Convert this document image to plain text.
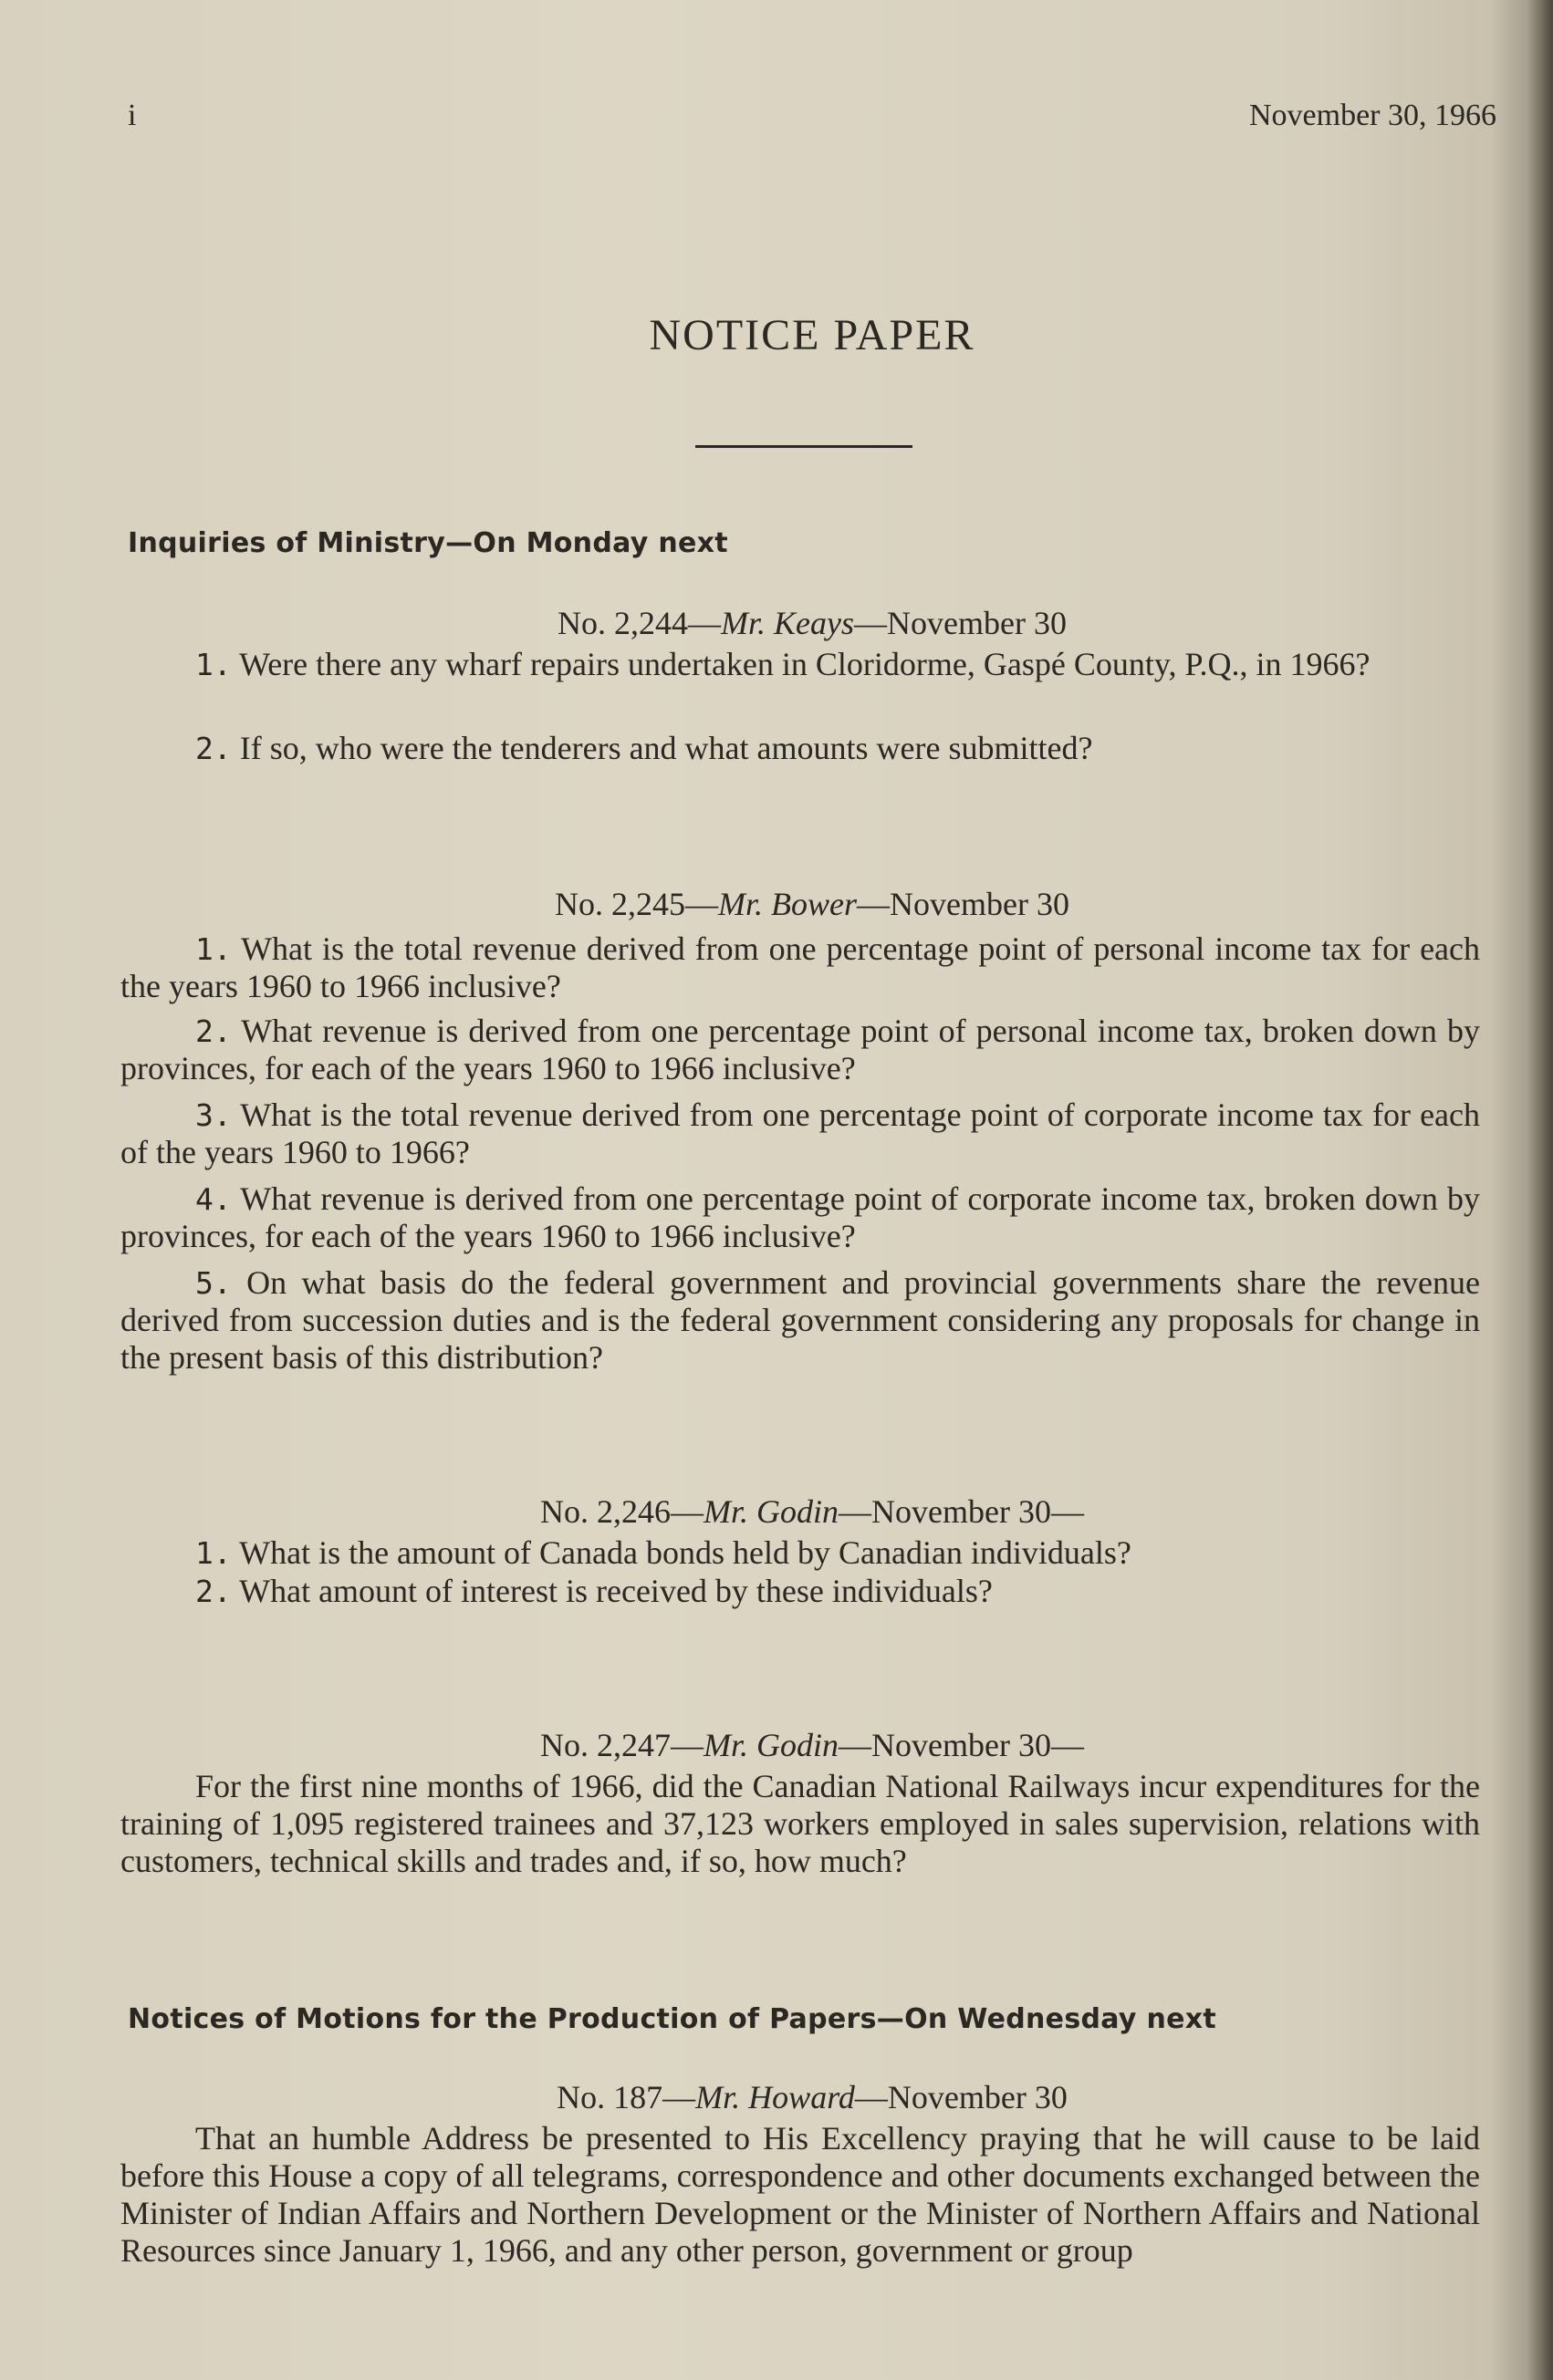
i	November 30, 1966
NOTICE PAPER
Inquiries of Ministry—On Monday next
No. 2,244—Mr. Keays—November 30
1. Were there any wharf repairs undertaken in Cloridorme, Gaspé County, P.Q., in 1966?
2. If so, who were the tenderers and what amounts were submitted?
No. 2,245—Mr. Bower—November 30
1. What is the total revenue derived from one percentage point of personal income tax for each the years 1960 to 1966 inclusive?
2. What revenue is derived from one percentage point of personal income tax, broken down by provinces, for each of the years 1960 to 1966 inclusive?
3. What is the total revenue derived from one percentage point of corporate income tax for each of the years 1960 to 1966?
4. What revenue is derived from one percentage point of corporate income tax, broken down by provinces, for each of the years 1960 to 1966 inclusive?
5. On what basis do the federal government and provincial governments share the revenue derived from succession duties and is the federal government considering any proposals for change in the present basis of this distribution?
No. 2,246—Mr. Godin—November 30—
1. What is the amount of Canada bonds held by Canadian individuals?
2. What amount of interest is received by these individuals?
No. 2,247—Mr. Godin—November 30—
For the first nine months of 1966, did the Canadian National Railways incur expenditures for the training of 1,095 registered trainees and 37,123 workers employed in sales supervision, relations with customers, technical skills and trades and, if so, how much?
Notices of Motions for the Production of Papers—On Wednesday next
No. 187—Mr. Howard—November 30
That an humble Address be presented to His Excellency praying that he will cause to be laid before this House a copy of all telegrams, correspondence and other documents exchanged between the Minister of Indian Affairs and Northern Development or the Minister of Northern Affairs and National Resources since January 1, 1966, and any other person, government or group
